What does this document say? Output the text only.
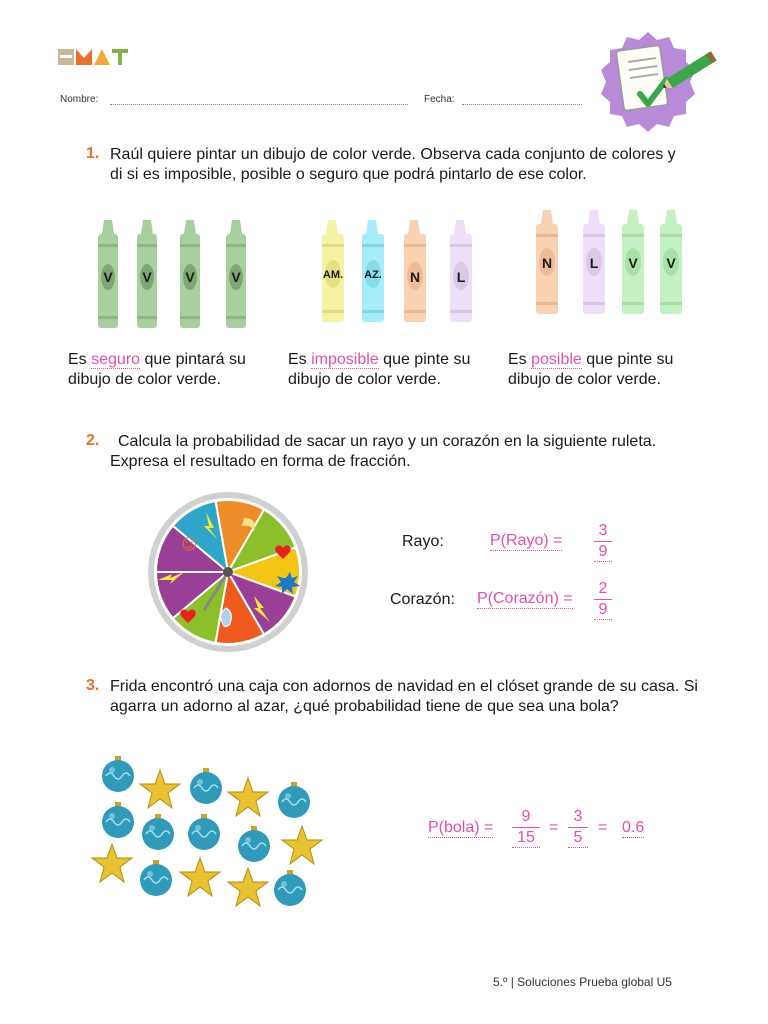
Nombre:	Fecha:
1. Raúl quiere pintar un dibujo de color verde. Observa cada conjunto de colores y di si es imposible, posible o seguro que podrá pintarlo de ese color.
V V V	V	AM. AZ. N	L
N	L V V
Es seguro que pintará su dibujo de color verde.
Es imposible que pinte su dibujo de color verde.
Es posible que pinte su dibujo de color verde.
2.	Calcula la probabilidad de sacar un rayo y un corazón en la siguiente ruleta. Expresa el resultado en forma de fracción.
☺	Rayo:	P(Rayo) =
3
9
Corazón: P(Corazón) =
2
9
3. Frida encontró una caja con adornos de navidad en el clóset grande de su casa. Si agarra un adorno al azar, ¿qué probabilidad tiene de que sea una bola?
P(bola) =
9
15
=
3
5
= 0.6
5.º | Soluciones Prueba global U5
